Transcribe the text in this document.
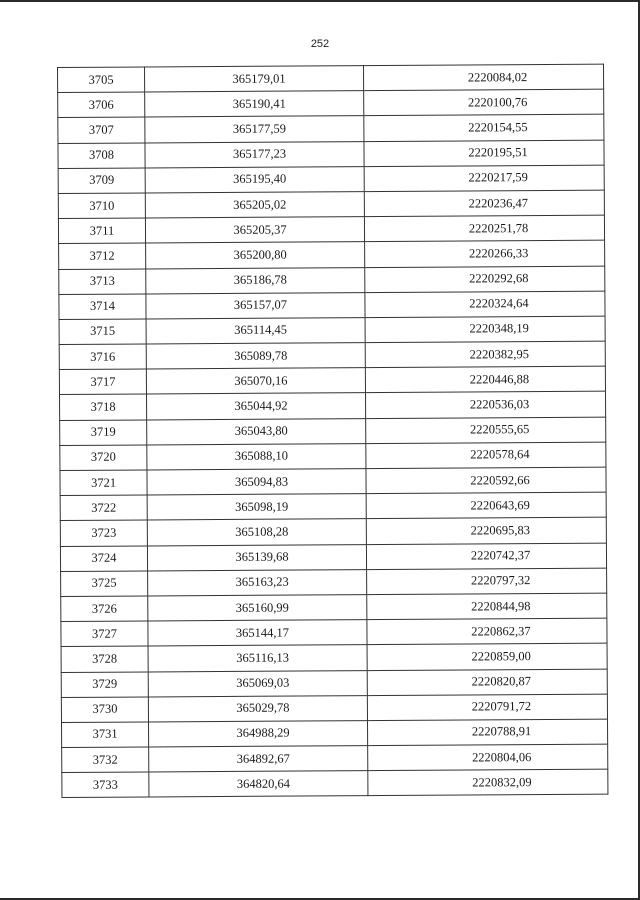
252
3705	365179,01	2220084,02
3706	365190,41	2220100,76
3707	365177,59	2220154,55
3708	365177,23	2220195,51
3709	365195,40	2220217,59
3710	365205,02	2220236,47
3711	365205,37	2220251,78
3712	365200,80	2220266,33
3713	365186,78	2220292,68
3714	365157,07	2220324,64
3715	365114,45	2220348,19
3716	365089,78	2220382,95
3717	365070,16	2220446,88
3718	365044,92	2220536,03
3719	365043,80	2220555,65
3720	365088,10	2220578,64
3721	365094,83	2220592,66
3722	365098,19	2220643,69
3723	365108,28	2220695,83
3724	365139,68	2220742,37
3725	365163,23	2220797,32
3726	365160,99	2220844,98
3727	365144,17	2220862,37
3728	365116,13	2220859,00
3729	365069,03	2220820,87
3730	365029,78	2220791,72
3731	364988,29	2220788,91
3732	364892,67	2220804,06
3733	364820,64	2220832,09
